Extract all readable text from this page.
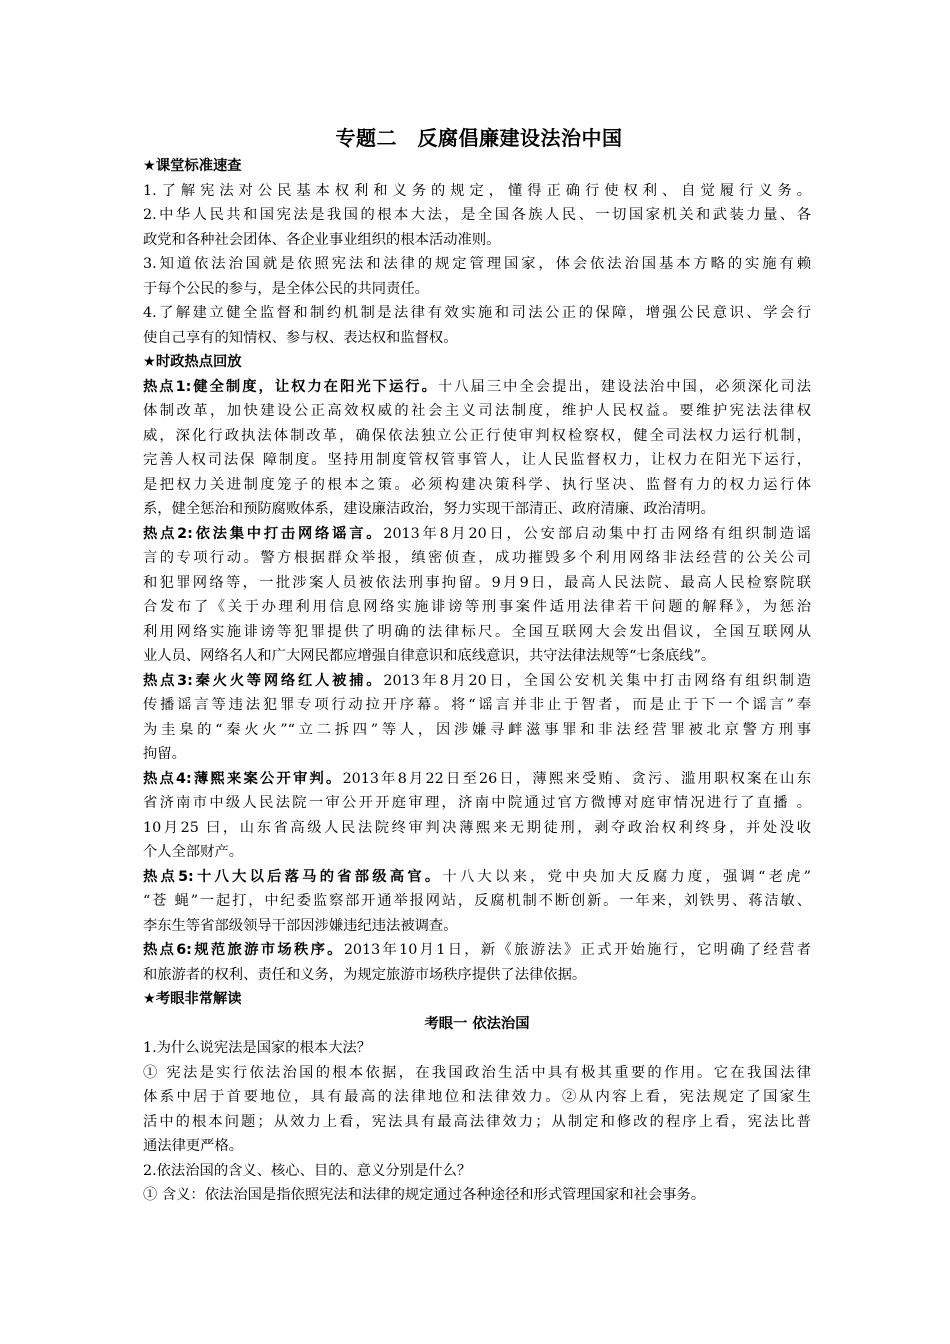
专题二　反腐倡廉建设法治中国
★课堂标准速查
1.了解宪法对公民基本权利和义务的规定，懂得正确行使权利、自觉履行义务。
2.中华人民共和国宪法是我国的根本大法，是全国各族人民、一切国家机关和武装力量、各
政党和各种社会团体、各企业事业组织的根本活动准则。
3.知道依法治国就是依照宪法和法律的规定管理国家，体会依法治国基本方略的实施有赖
于每个公民的参与，是全体公民的共同责任。
4.了解建立健全监督和制约机制是法律有效实施和司法公正的保障，增强公民意识、学会行
使自己享有的知情权、参与权、表达权和监督权。
★时政热点回放
热点1:健全制度，让权力在阳光下运行。十八届三中全会提出，建设法治中国，必须深化司法
体制改革，加快建设公正高效权威的社会主义司法制度，维护人民权益。要维护宪法法律权
威，深化行政执法体制改革，确保依法独立公正行使审判权检察权，健全司法权力运行机制，
完善人权司法保 障制度。坚持用制度管权管事管人，让人民监督权力，让权力在阳光下运行，
是把权力关进制度笼子的根本之策。必须构建决策科学、执行坚决、监督有力的权力运行体
系，健全惩治和预防腐败体系，建设廉洁政治，努力实现干部清正、政府清廉、政治清明。
热点2:依法集中打击网络谣言。2013年8月20日，公安部启动集中打击网络有组织制造谣
言的专项行动。警方根据群众举报，缜密侦查，成功摧毁多个利用网络非法经营的公关公司
和犯罪网络等，一批涉案人员被依法刑事拘留。9月9日，最高人民法院、最高人民检察院联
合发布了《关于办理利用信息网络实施诽谤等刑事案件适用法律若干问题的解释》，为惩治
利用网络实施诽谤等犯罪提供了明确的法律标尺。全国互联网大会发出倡议，全国互联网从
业人员、网络名人和广大网民都应增强自律意识和底线意识，共守法律法规等“七条底线”。
热点3:秦火火等网络红人被捕。2013年8月20日，全国公安机关集中打击网络有组织制造
传播谣言等违法犯罪专项行动拉开序幕。将“谣言并非止于智者，而是止于下一个谣言”奉
为圭臬的“秦火火”“立二拆四”等人，因涉嫌寻衅滋事罪和非法经营罪被北京警方刑事
拘留。
热点4:薄熙来案公开审判。2013年8月22日至26日，薄熙来受贿、贪污、滥用职权案在山东
省济南市中级人民法院一审公开开庭审理，济南中院通过官方微博对庭审情况进行了直播 。
10月25 曰，山东省高级人民法院终审判决薄熙来无期徒刑，剥夺政治权利终身，并处没收
个人全部财产。
热点5:十八大以后落马的省部级高官。十八大以来，党中央加大反腐力度，强调“老虎”
“苍 蝇”一起打，中纪委监察部开通举报网站，反腐机制不断创新。一年来，刘铁男、蒋洁敏、
李东生等省部级领导干部因涉嫌违纪违法被调查。
热点6:规范旅游市场秩序。2013年10月1日，新《旅游法》正式开始施行，它明确了经营者
和旅游者的权利、责任和义务，为规定旅游市场秩序提供了法律依据。
★考眼非常解读
考眼一 依法治国
1.为什么说宪法是国家的根本大法？
① 宪法是实行依法治国的根本依据，在我国政治生活中具有极其重要的作用。它在我国法律
体系中居于首要地位，具有最高的法律地位和法律效力。②从内容上看，宪法规定了国家生
活中的根本问题；从效力上看，宪法具有最高法律效力；从制定和修改的程序上看，宪法比普
通法律更严格。
2.依法治国的含义、核心、目的、意义分别是什么？
① 含义：依法治国是指依照宪法和法律的规定通过各种途径和形式管理国家和社会事务。
